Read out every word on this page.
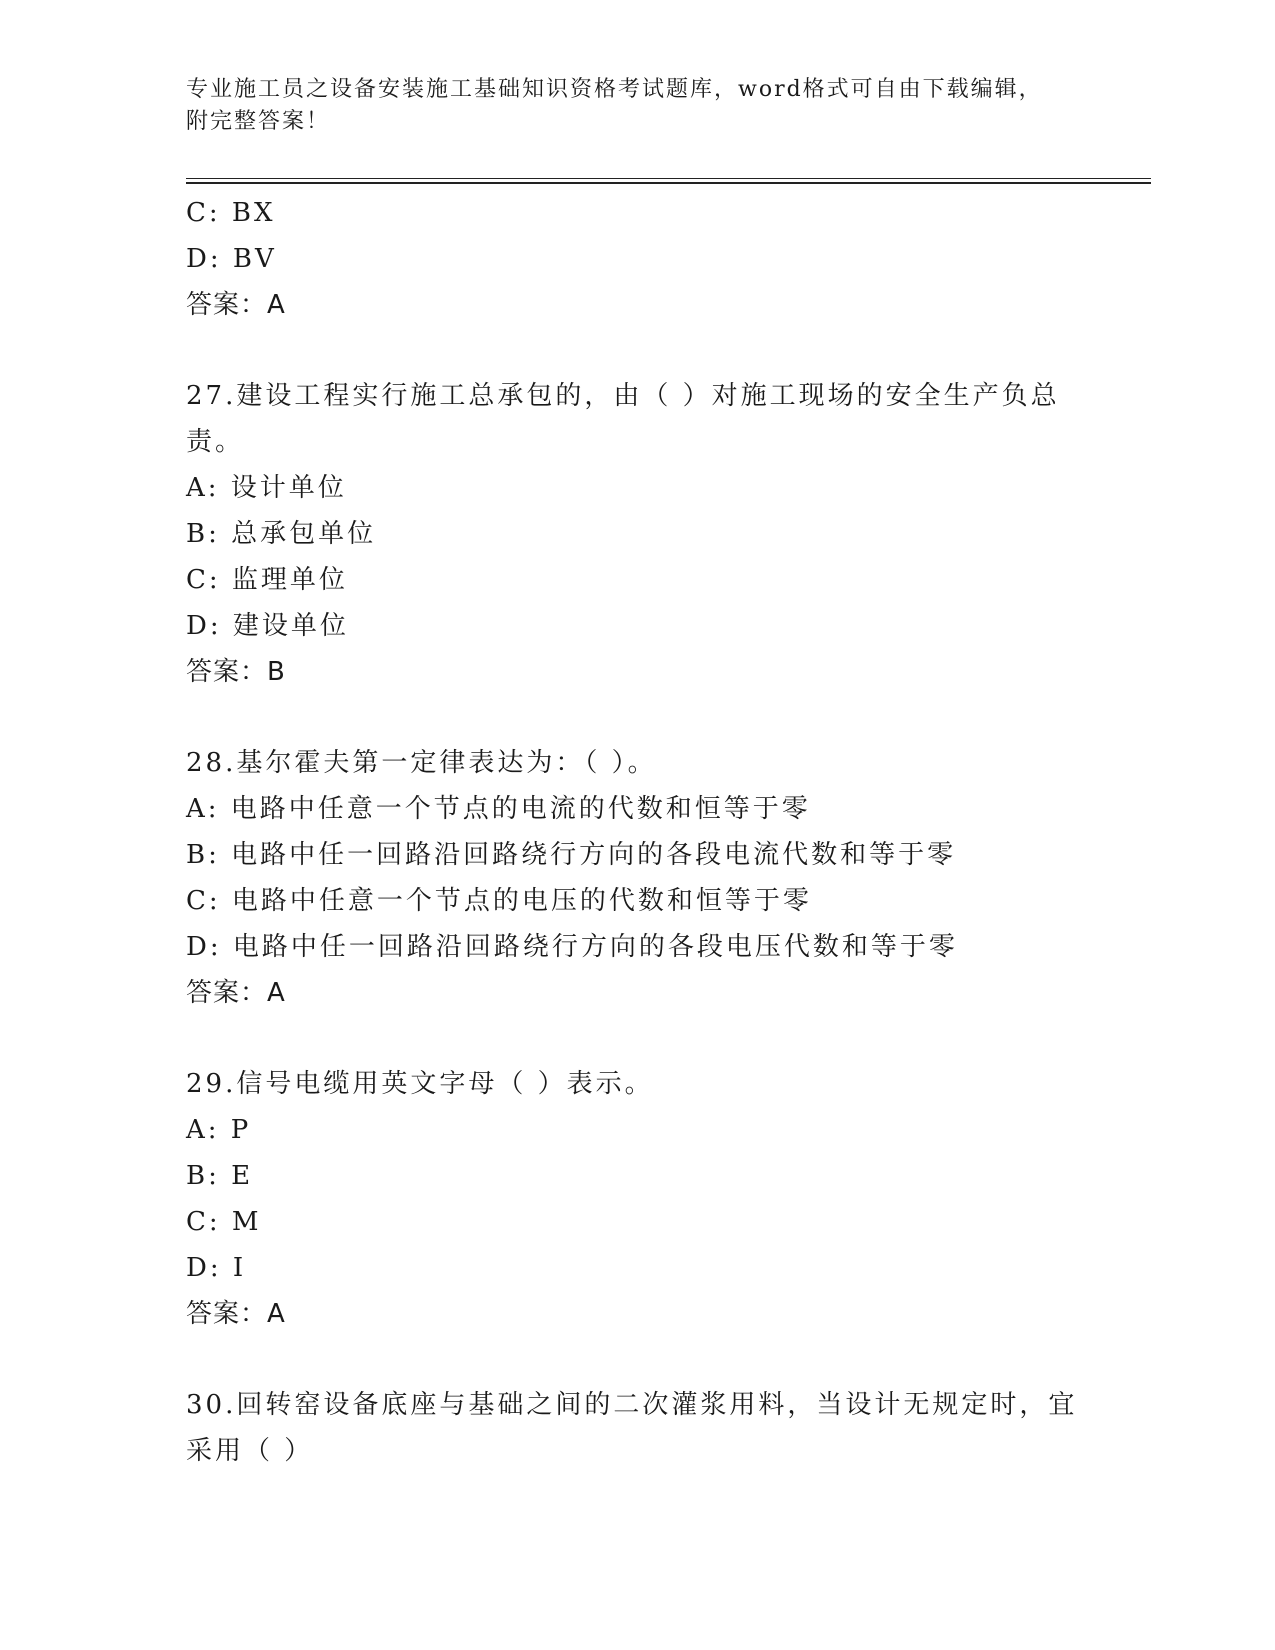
专业施工员之设备安装施工基础知识资格考试题库，word格式可自由下载编辑，
附完整答案！
C: BX
D: BV
答案：A
27.建设工程实行施工总承包的，由（ ）对施工现场的安全生产负总
责。
A: 设计单位
B: 总承包单位
C: 监理单位
D: 建设单位
答案：B
28.基尔霍夫第一定律表达为：（ ）。
A: 电路中任意一个节点的电流的代数和恒等于零
B: 电路中任一回路沿回路绕行方向的各段电流代数和等于零
C: 电路中任意一个节点的电压的代数和恒等于零
D: 电路中任一回路沿回路绕行方向的各段电压代数和等于零
答案：A
29.信号电缆用英文字母（ ）表示。
A: P
B: E
C: M
D: I
答案：A
30.回转窑设备底座与基础之间的二次灌浆用料，当设计无规定时，宜
采用（ ）
